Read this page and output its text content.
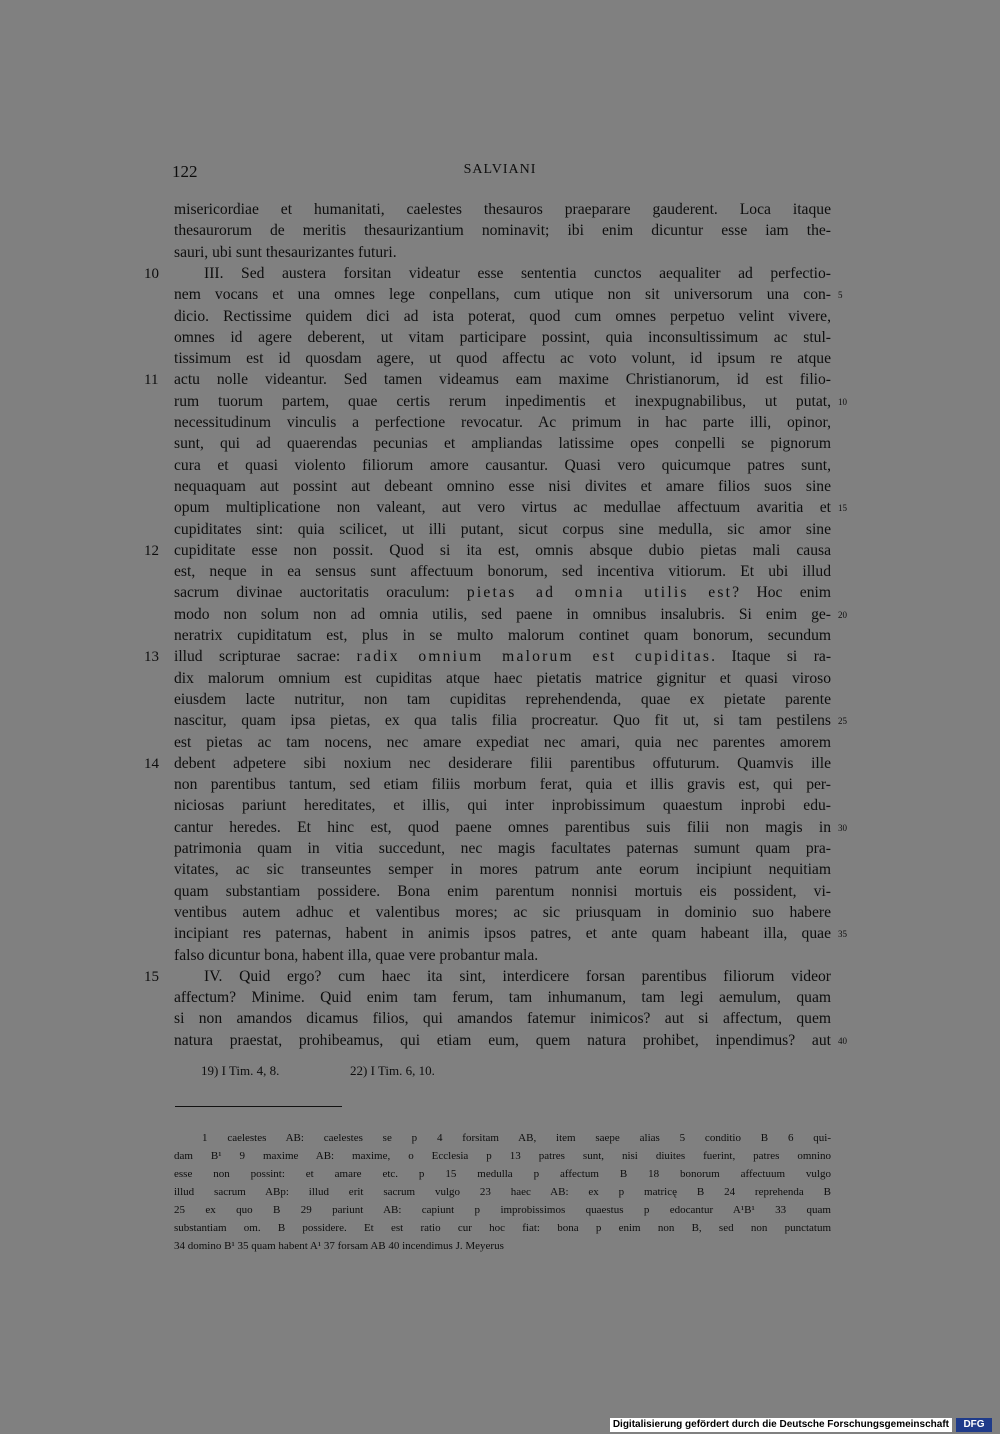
122	SALVIANI
misericordiae et humanitati, caelestes thesauros praeparare gauderent. Loca itaque
thesaurorum de meritis thesaurizantium nominavit; ibi enim dicuntur esse iam the-
sauri, ubi sunt thesaurizantes futuri.
III. Sed austera forsitan videatur esse sententia cunctos aequaliter ad perfectio-
nem vocans et una omnes lege conpellans, cum utique non sit universorum una con-
dicio. Rectissime quidem dici ad ista poterat, quod cum omnes perpetuo velint vivere,
omnes id agere deberent, ut vitam participare possint, quia inconsultissimum ac stul-
tissimum est id quosdam agere, ut quod affectu ac voto volunt, id ipsum re atque
actu nolle videantur. Sed tamen videamus eam maxime Christianorum, id est filio-
rum tuorum partem, quae certis rerum inpedimentis et inexpugnabilibus, ut putat,
necessitudinum vinculis a perfectione revocatur. Ac primum in hac parte illi, opinor,
sunt, qui ad quaerendas pecunias et ampliandas latissime opes conpelli se pignorum
cura et quasi violento filiorum amore causantur. Quasi vero quicumque patres sunt,
nequaquam aut possint aut debeant omnino esse nisi divites et amare filios suos sine
opum multiplicatione non valeant, aut vero virtus ac medullae affectuum avaritia et
cupiditates sint: quia scilicet, ut illi putant, sicut corpus sine medulla, sic amor sine
cupiditate esse non possit. Quod si ita est, omnis absque dubio pietas mali causa
est, neque in ea sensus sunt affectuum bonorum, sed incentiva vitiorum. Et ubi illud
sacrum divinae auctoritatis oraculum: pietas ad omnia utilis est? Hoc enim
modo non solum non ad omnia utilis, sed paene in omnibus insalubris. Si enim ge-
neratrix cupiditatum est, plus in se multo malorum continet quam bonorum, secundum
illud scripturae sacrae: radix omnium malorum est cupiditas. Itaque si ra-
dix malorum omnium est cupiditas atque haec pietatis matrice gignitur et quasi viroso
eiusdem lacte nutritur, non tam cupiditas reprehendenda, quae ex pietate parente
nascitur, quam ipsa pietas, ex qua talis filia procreatur. Quo fit ut, si tam pestilens
est pietas ac tam nocens, nec amare expediat nec amari, quia nec parentes amorem
debent adpetere sibi noxium nec desiderare filii parentibus offuturum. Quamvis ille
non parentibus tantum, sed etiam filiis morbum ferat, quia et illis gravis est, qui per-
niciosas pariunt hereditates, et illis, qui inter inprobissimum quaestum inprobi edu-
cantur heredes. Et hinc est, quod paene omnes parentibus suis filii non magis in
patrimonia quam in vitia succedunt, nec magis facultates paternas sumunt quam pra-
vitates, ac sic transeuntes semper in mores patrum ante eorum incipiunt nequitiam
quam substantiam possidere. Bona enim parentum nonnisi mortuis eis possident, vi-
ventibus autem adhuc et valentibus mores; ac sic priusquam in dominio suo habere
incipiant res paternas, habent in animis ipsos patres, et ante quam habeant illa, quae
falso dicuntur bona, habent illa, quae vere probantur mala.
IV. Quid ergo? cum haec ita sint, interdicere forsan parentibus filiorum videor
affectum? Minime. Quid enim tam ferum, tam inhumanum, tam legi aemulum, quam
si non amandos dicamus filios, qui amandos fatemur inimicos? aut si affectum, quem
natura praestat, prohibeamus, qui etiam eum, quem natura prohibet, inpendimus? aut
10
11
12
13
14
15
5
10
15
20
25
30
35
40
19) I Tim. 4, 8.	22) I Tim. 6, 10.
1 caelestes AB: caelestes se p 4 forsitam AB, item saepe alias 5 conditio B 6 qui-
dam B¹ 9 maxime AB: maxime, o Ecclesia p 13 patres sunt, nisi diuites fuerint, patres omnino
esse non possint: et amare etc. p 15 medulla p affectum B 18 bonorum affectuum vulgo
illud sacrum ABp: illud erit sacrum vulgo 23 haec AB: ex p matricę B 24 reprehenda B
25 ex quo B 29 pariunt AB: capiunt p improbissimos quaestus p edocantur A¹B¹ 33 quam
substantiam om. B possidere. Et est ratio cur hoc fiat: bona p enim non B, sed non punctatum
34 domino B¹ 35 quam habent A¹ 37 forsam AB 40 incendimus J. Meyerus
Digitalisierung gefördert durch die Deutsche Forschungsgemeinschaft	DFG
